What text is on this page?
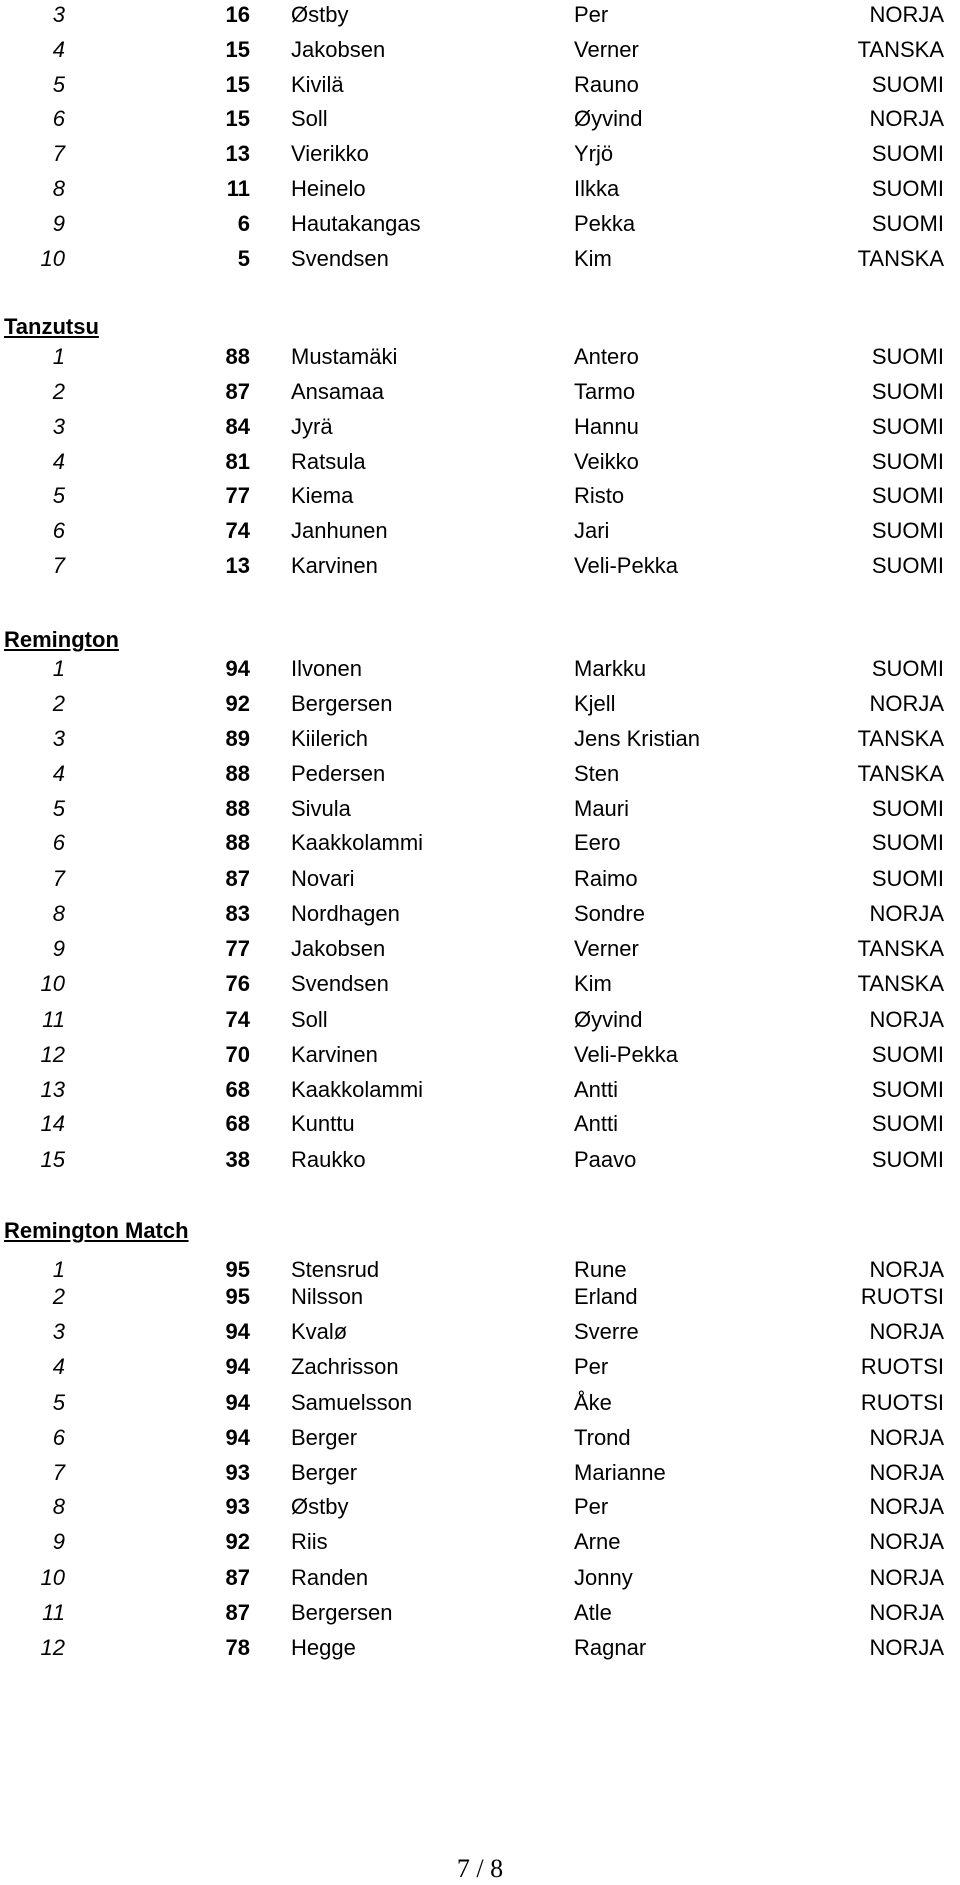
3	16 Østby	Per	NORJA
4	15 Jakobsen	Verner	TANSKA
5	15 Kivilä	Rauno	SUOMI
6	15 Soll	Øyvind	NORJA
7	13 Vierikko	Yrjö	SUOMI
8	11 Heinelo	Ilkka	SUOMI
9	6 Hautakangas	Pekka	SUOMI
10	5 Svendsen	Kim	TANSKA
Tanzutsu
1	88 Mustamäki	Antero	SUOMI
2	87 Ansamaa	Tarmo	SUOMI
3	84 Jyrä	Hannu	SUOMI
4	81 Ratsula	Veikko	SUOMI
5	77 Kiema	Risto	SUOMI
6	74 Janhunen	Jari	SUOMI
7	13 Karvinen	Veli-Pekka	SUOMI
Remington
1	94 Ilvonen	Markku	SUOMI
2	92 Bergersen	Kjell	NORJA
3	89 Kiilerich	Jens Kristian	TANSKA
4	88 Pedersen	Sten	TANSKA
5	88 Sivula	Mauri	SUOMI
6	88 Kaakkolammi	Eero	SUOMI
7	87 Novari	Raimo	SUOMI
8	83 Nordhagen	Sondre	NORJA
9	77 Jakobsen	Verner	TANSKA
10	76 Svendsen	Kim	TANSKA
11	74 Soll	Øyvind	NORJA
12	70 Karvinen	Veli-Pekka	SUOMI
13	68 Kaakkolammi	Antti	SUOMI
14	68 Kunttu	Antti	SUOMI
15	38 Raukko	Paavo	SUOMI
Remington Match
1	95 Stensrud	Rune	NORJA
2	95 Nilsson	Erland	RUOTSI
3	94 Kvalø	Sverre	NORJA
4	94 Zachrisson	Per	RUOTSI
5	94 Samuelsson	Åke	RUOTSI
6	94 Berger	Trond	NORJA
7	93 Berger	Marianne	NORJA
8	93 Østby	Per	NORJA
9	92 Riis	Arne	NORJA
10	87 Randen	Jonny	NORJA
11	87 Bergersen	Atle	NORJA
12	78 Hegge	Ragnar	NORJA
7 / 8
